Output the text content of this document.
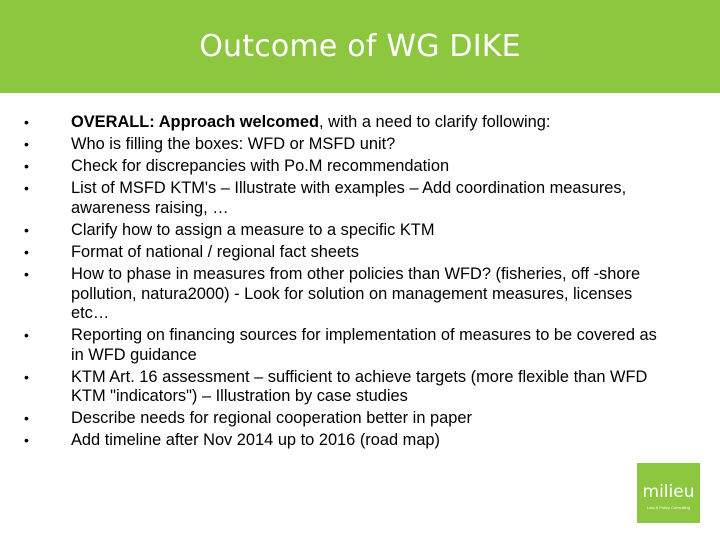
Outcome of WG DIKE
•	OVERALL: Approach welcomed, with a need to clarify following:
•	Who is filling the boxes: WFD or MSFD unit?
•	Check for discrepancies with Po.M recommendation
•	List of MSFD KTM's – Illustrate with examples – Add coordination measures, awareness raising, …
•	Clarify how to assign a measure to a specific KTM
•	Format of national / regional fact sheets
•	How to phase in measures from other policies than WFD? (fisheries, off -shore pollution, natura2000) - Look for solution on management measures, licenses etc…
•	Reporting on financing sources for implementation of measures to be covered as in WFD guidance
•	KTM Art. 16 assessment – sufficient to achieve targets (more flexible than WFD KTM "indicators") – Illustration by case studies
•	Describe needs for regional cooperation better in paper
•	Add timeline after Nov 2014 up to 2016 (road map)
milieu
Law & Policy Consulting
